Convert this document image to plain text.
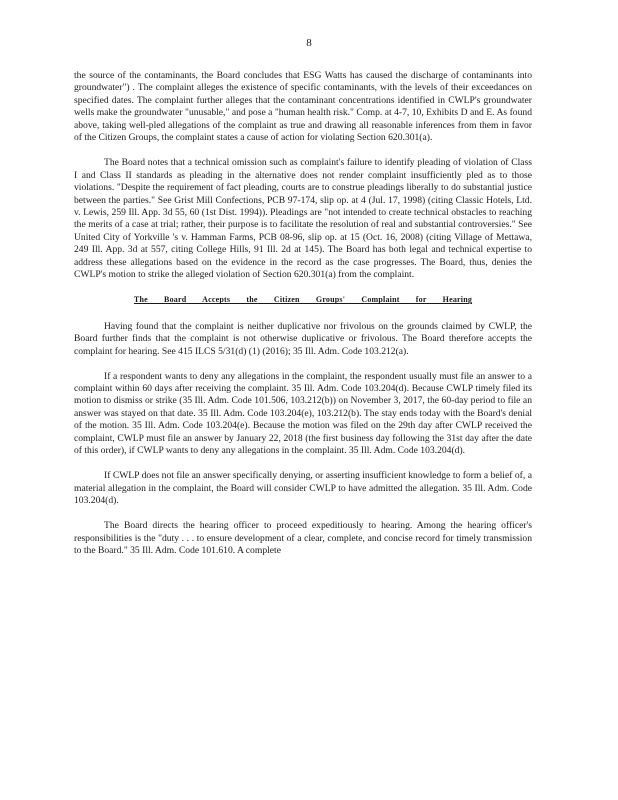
8

the source of the contaminants, the Board concludes that ESG Watts has caused the discharge of contaminants into groundwater") . The complaint alleges the existence of specific contaminants, with the levels of their exceedances on specified dates. The complaint further alleges that the contaminant concentrations identified in CWLP's groundwater wells make the groundwater "unusable," and pose a "human health risk." Comp. at 4-7, 10, Exhibits D and E. As found above, taking well-pled allegations of the complaint as true and drawing all reasonable inferences from them in favor of the Citizen Groups, the complaint states a cause of action for violating Section 620.301(a).

The Board notes that a technical omission such as complaint's failure to identify pleading of violation of Class I and Class II standards as pleading in the alternative does not render complaint insufficiently pled as to those violations. "Despite the requirement of fact pleading, courts are to construe pleadings liberally to do substantial justice between the parties." See Grist Mill Confections, PCB 97-174, slip op. at 4 (Jul. 17, 1998) (citing Classic Hotels, Ltd. v. Lewis, 259 Ill. App. 3d 55, 60 (1st Dist. 1994)). Pleadings are "not intended to create technical obstacles to reaching the merits of a case at trial; rather, their purpose is to facilitate the resolution of real and substantial controversies." See United City of Yorkville 's v. Hamman Farms, PCB 08-96, slip op. at 15 (Oct. 16, 2008) (citing Village of Mettawa, 249 Ill. App. 3d at 557, citing College Hills, 91 Ill. 2d at 145). The Board has both legal and technical expertise to address these allegations based on the evidence in the record as the case progresses. The Board, thus, denies the CWLP's motion to strike the alleged violation of Section 620.301(a) from the complaint.

The Board Accepts the Citizen Groups' Complaint for Hearing

Having found that the complaint is neither duplicative nor frivolous on the grounds claimed by CWLP, the Board further finds that the complaint is not otherwise duplicative or frivolous. The Board therefore accepts the complaint for hearing. See 415 ILCS 5/31(d) (1) (2016); 35 Ill. Adm. Code 103.212(a).

If a respondent wants to deny any allegations in the complaint, the respondent usually must file an answer to a complaint within 60 days after receiving the complaint. 35 Ill. Adm. Code 103.204(d). Because CWLP timely filed its motion to dismiss or strike (35 Ill. Adm. Code 101.506, 103.212(b)) on November 3, 2017, the 60-day period to file an answer was stayed on that date. 35 Ill. Adm. Code 103.204(e), 103.212(b). The stay ends today with the Board's denial of the motion. 35 Ill. Adm. Code 103.204(e). Because the motion was filed on the 29th day after CWLP received the complaint, CWLP must file an answer by January 22, 2018 (the first business day following the 31st day after the date of this order), if CWLP wants to deny any allegations in the complaint. 35 Ill. Adm. Code 103.204(d).

If CWLP does not file an answer specifically denying, or asserting insufficient knowledge to form a belief of, a material allegation in the complaint, the Board will consider CWLP to have admitted the allegation. 35 Ill. Adm. Code 103.204(d).

The Board directs the hearing officer to proceed expeditiously to hearing. Among the hearing officer's responsibilities is the "duty . . . to ensure development of a clear, complete, and concise record for timely transmission to the Board." 35 Ill. Adm. Code 101.610. A complete
